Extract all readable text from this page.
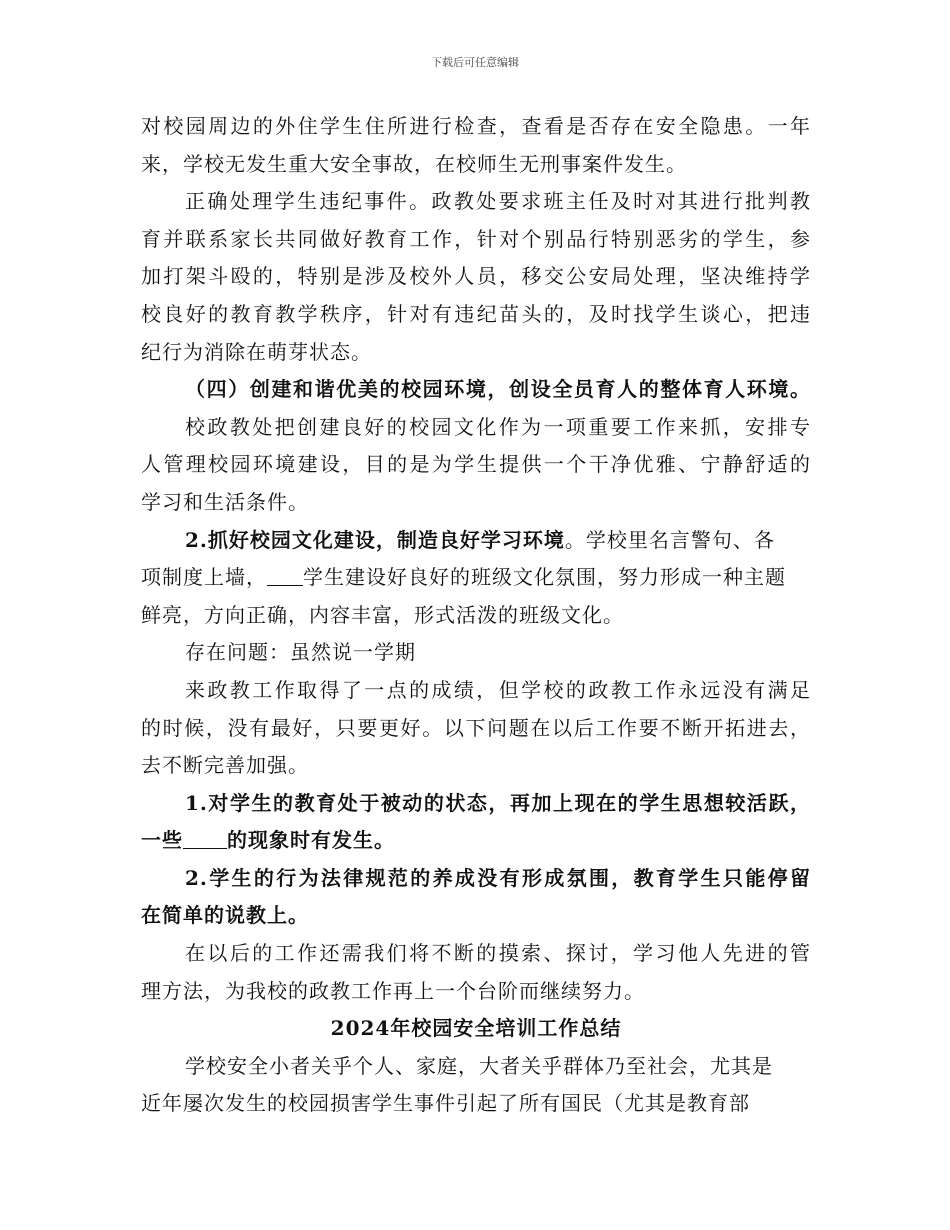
下载后可任意编辑
对校园周边的外住学生住所进行检查，查看是否存在安全隐患。一年
来，学校无发生重大安全事故，在校师生无刑事案件发生。
正确处理学生违纪事件。政教处要求班主任及时对其进行批判教
育并联系家长共同做好教育工作，针对个别品行特别恶劣的学生，参
加打架斗殴的，特别是涉及校外人员，移交公安局处理，坚决维持学
校良好的教育教学秩序，针对有违纪苗头的，及时找学生谈心，把违
纪行为消除在萌芽状态。
（四）创建和谐优美的校园环境，创设全员育人的整体育人环境。
校政教处把创建良好的校园文化作为一项重要工作来抓，安排专
人管理校园环境建设，目的是为学生提供一个干净优雅、宁静舒适的
学习和生活条件。
2.抓好校园文化建设，制造良好学习环境。学校里名言警句、各
项制度上墙， 学生建设好良好的班级文化氛围，努力形成一种主题
鲜亮，方向正确，内容丰富，形式活泼的班级文化。
存在问题：虽然说一学期
来政教工作取得了一点的成绩，但学校的政教工作永远没有满足
的时候，没有最好，只要更好。以下问题在以后工作要不断开拓进去，
去不断完善加强。
1.对学生的教育处于被动的状态，再加上现在的学生思想较活跃，
一些 的现象时有发生。
2.学生的行为法律规范的养成没有形成氛围，教育学生只能停留
在简单的说教上。
在以后的工作还需我们将不断的摸索、探讨，学习他人先进的管
理方法，为我校的政教工作再上一个台阶而继续努力。
2024年校园安全培训工作总结
学校安全小者关乎个人、家庭，大者关乎群体乃至社会，尤其是
近年屡次发生的校园损害学生事件引起了所有国民（尤其是教育部
